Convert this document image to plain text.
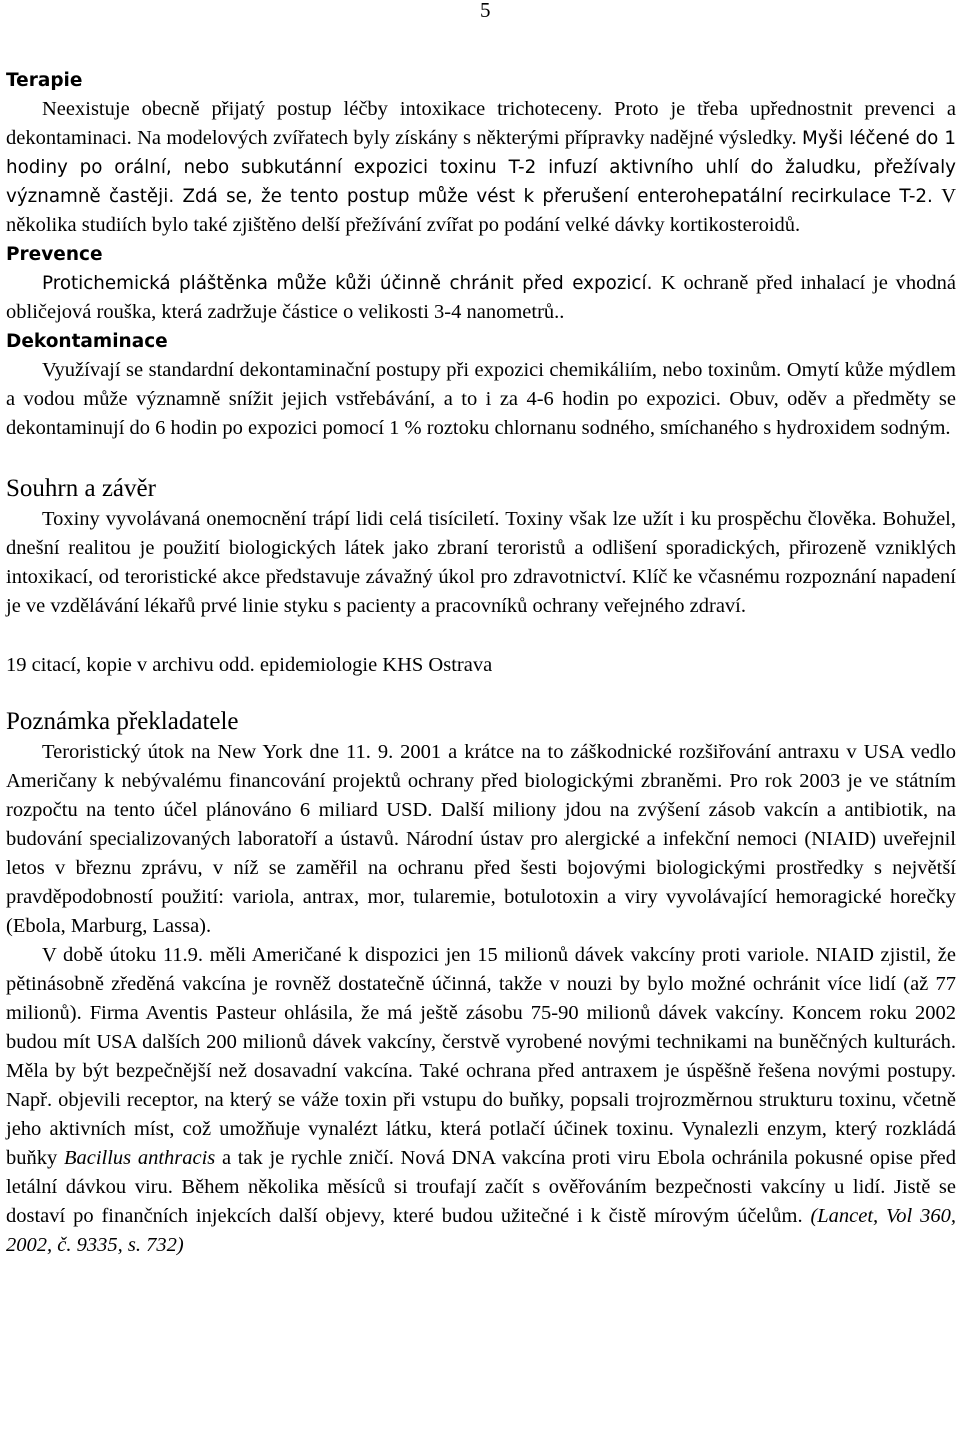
5
Terapie

Neexistuje obecně přijatý postup léčby intoxikace trichoteceny. Proto je třeba upřednostnit prevenci a dekontaminaci. Na modelových zvířatech byly získány s některými přípravky nadějné výsledky. Myši léčené do 1 hodiny po orální, nebo subkutánní expozici toxinu T-2 infuzí aktivního uhlí do žaludku, přežívaly významně častěji. Zdá se, že tento postup může vést k přerušení enterohepatální recirkulace T-2. V několika studiích bylo také zjištěno delší přežívání zvířat po podání velké dávky kortikosteroidů.

Prevence

Protichemická pláštěnka může kůži účinně chránit před expozicí. K ochraně před inhalací je vhodná obličejová rouška, která zadržuje částice o velikosti 3-4 nanometrů..

Dekontaminace

Využívají se standardní dekontaminační postupy při expozici chemikáliím, nebo toxinům. Omytí kůže mýdlem a vodou může významně snížit jejich vstřebávání, a to i za 4-6 hodin po expozici. Obuv, oděv a předměty se dekontaminují do 6 hodin po expozici pomocí 1 % roztoku chlornanu sodného, smíchaného s hydroxidem sodným.

Souhrn a závěr

Toxiny vyvolávaná onemocnění trápí lidi celá tisíciletí. Toxiny však lze užít i ku prospěchu člověka. Bohužel, dnešní realitou je použití biologických látek jako zbraní teroristů a odlišení sporadických, přirozeně vzniklých intoxikací, od teroristické akce představuje závažný úkol pro zdravotnictví. Klíč ke včasnému rozpoznání napadení je ve vzdělávání lékařů prvé linie styku s pacienty a pracovníků ochrany veřejného zdraví.

19 citací, kopie v archivu odd. epidemiologie KHS Ostrava

Poznámka překladatele

Teroristický útok na New York dne 11. 9. 2001 a krátce na to záškodnické rozšiřování antraxu v USA vedlo Američany k nebývalému financování projektů ochrany před biologickými zbraněmi. Pro rok 2003 je ve státním rozpočtu na tento účel plánováno 6 miliard USD. Další miliony jdou na zvýšení zásob vakcín a antibiotik, na budování specializovaných laboratoří a ústavů. Národní ústav pro alergické a infekční nemoci (NIAID) uveřejnil letos v březnu zprávu, v níž se zaměřil na ochranu před šesti bojovými biologickými prostředky s největší pravděpodobností použití: variola, antrax, mor, tularemie, botulotoxin a viry vyvolávající hemoragické horečky (Ebola, Marburg, Lassa).

V době útoku 11.9. měli Američané k dispozici jen 15 milionů dávek vakcíny proti variole. NIAID zjistil, že pětinásobně zředěná vakcína je rovněž dostatečně účinná, takže v nouzi by bylo možné ochránit více lidí (až 77 milionů). Firma Aventis Pasteur ohlásila, že má ještě zásobu 75-90 milionů dávek vakcíny. Koncem roku 2002 budou mít USA dalších 200 milionů dávek vakcíny, čerstvě vyrobené novými technikami na buněčných kulturách. Měla by být bezpečnější než dosavadní vakcína. Také ochrana před antraxem je úspěšně řešena novými postupy. Např. objevili receptor, na který se váže toxin při vstupu do buňky, popsali trojrozměrnou strukturu toxinu, včetně jeho aktivních míst, což umožňuje vynalézt látku, která potlačí účinek toxinu. Vynalezli enzym, který rozkládá buňky Bacillus anthracis a tak je rychle zničí. Nová DNA vakcína proti viru Ebola ochránila pokusné opise před letální dávkou viru. Během několika měsíců si troufají začít s ověřováním bezpečnosti vakcíny u lidí. Jistě se dostaví po finančních injekcích další objevy, které budou užitečné i k čistě mírovým účelům. (Lancet, Vol 360, 2002, č. 9335, s. 732)
